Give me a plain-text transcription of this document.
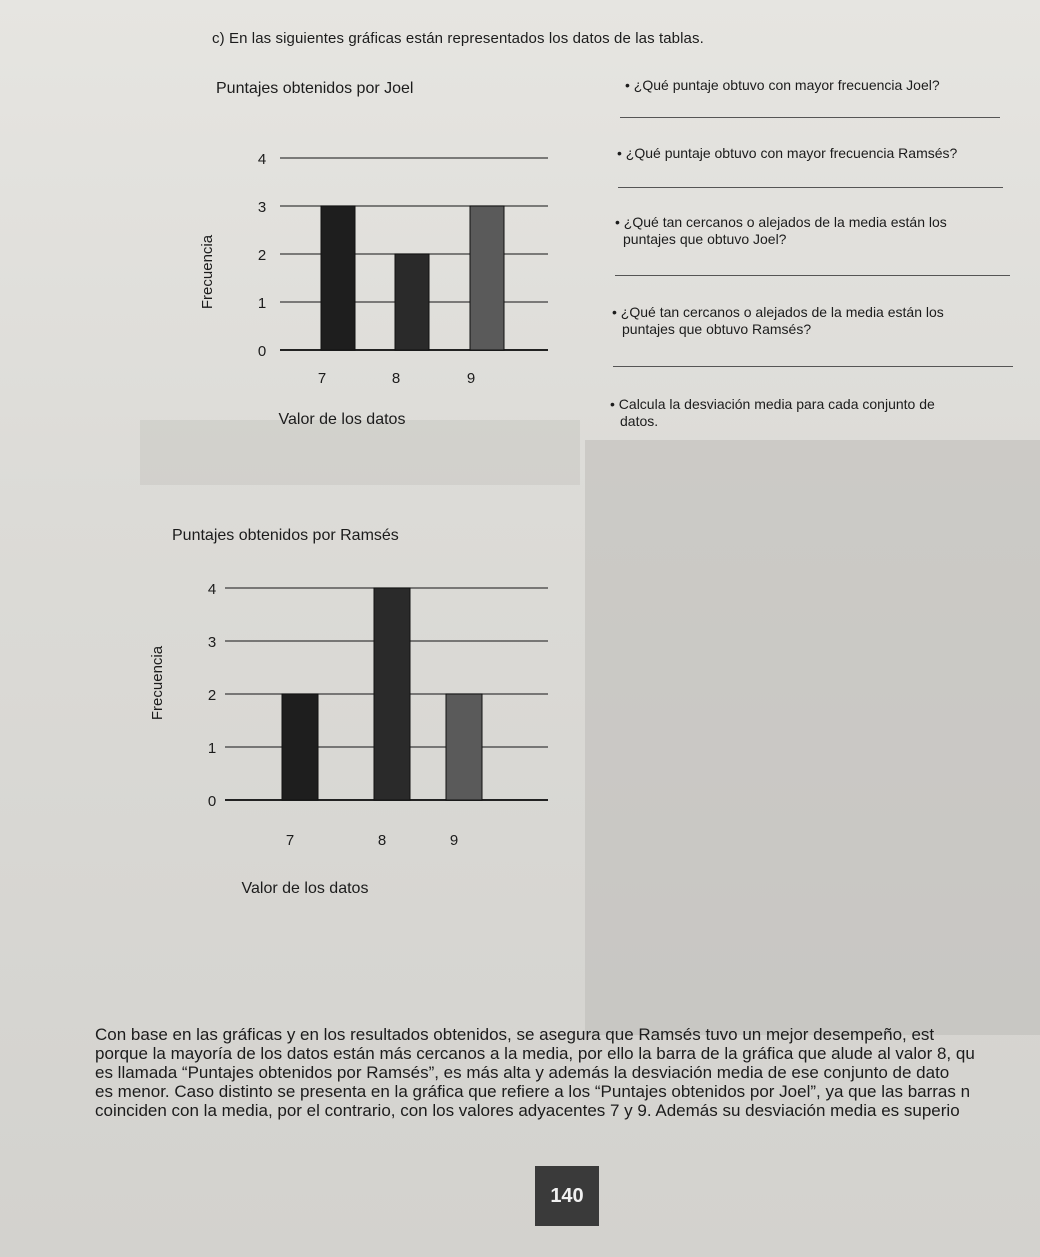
c) En las siguientes gráficas están representados los datos de las tablas.
Puntajes obtenidos por Joel
0
1
2
3
4
7	8	9
Valor de los datos
Frecuencia
0
1
2
3
4
7	8	9
Valor de los datos
Frecuencia
Puntajes obtenidos por Ramsés
• ¿Qué puntaje obtuvo con mayor frecuencia Joel?
• ¿Qué puntaje obtuvo con mayor frecuencia Ramsés?
• ¿Qué tan cercanos o alejados de la media están los
puntajes que obtuvo Joel?
• ¿Qué tan cercanos o alejados de la media están los
puntajes que obtuvo Ramsés?
• Calcula la desviación media para cada conjunto de
datos.
Con base en las gráficas y en los resultados obtenidos, se asegura que Ramsés tuvo un mejor desempeño, est
porque la mayoría de los datos están más cercanos a la media, por ello la barra de la gráfica que alude al valor 8, qu
es llamada “Puntajes obtenidos por Ramsés”, es más alta y además la desviación media de ese conjunto de dato
es menor. Caso distinto se presenta en la gráfica que refiere a los “Puntajes obtenidos por Joel”, ya que las barras n
coinciden con la media, por el contrario, con los valores adyacentes 7 y 9. Además su desviación media es superio
140
